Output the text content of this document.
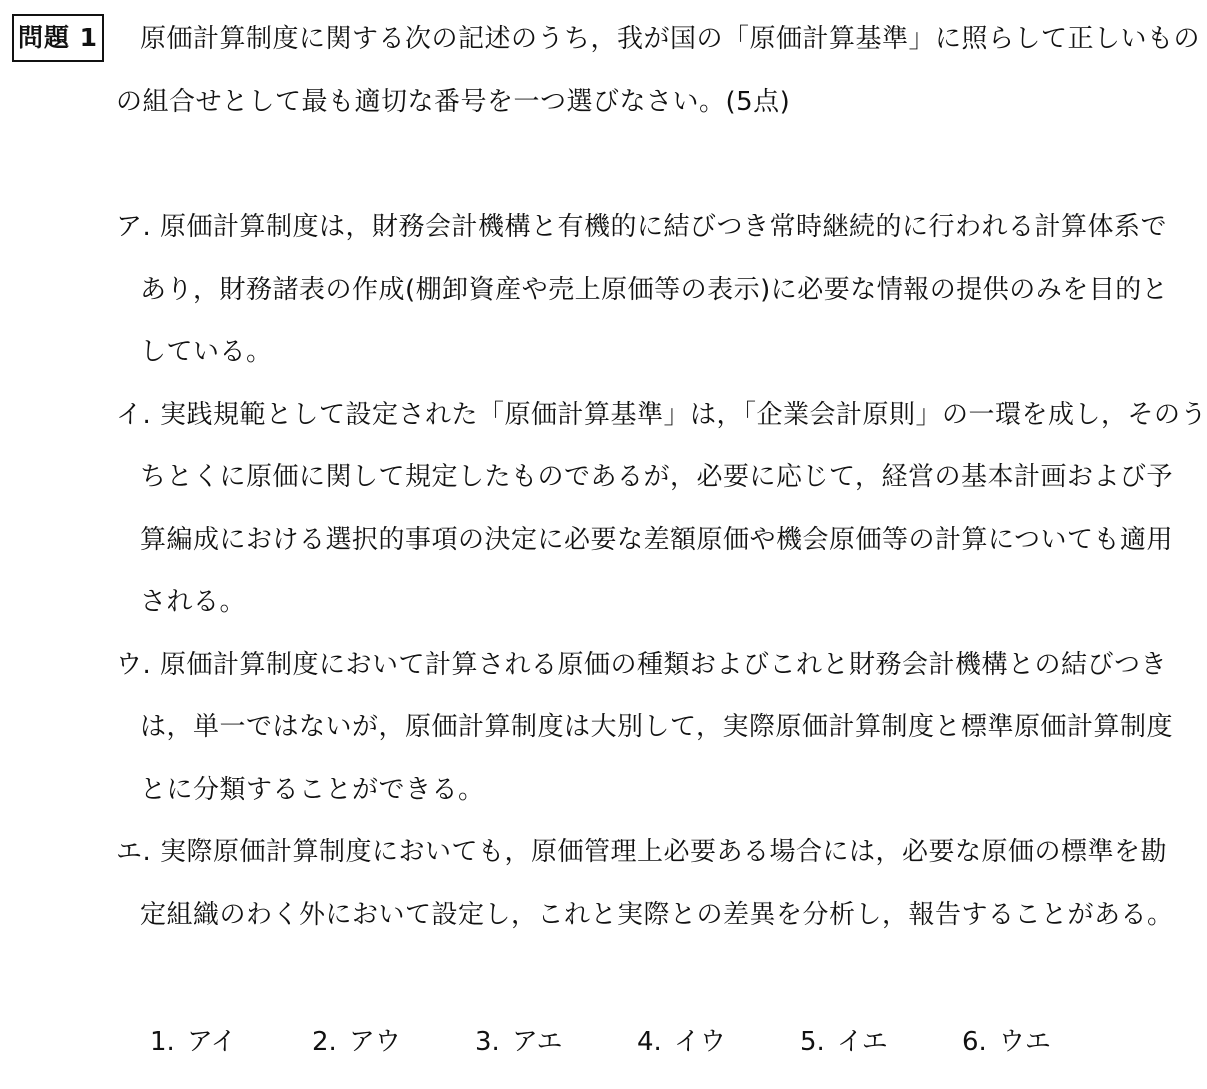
問題 1 原価計算制度に関する次の記述のうち，我が国の「原価計算基準」に照らして正しいもの
の組合せとして最も適切な番号を一つ選びなさい。(5点)
ア. 原価計算制度は，財務会計機構と有機的に結びつき常時継続的に行われる計算体系で
あり，財務諸表の作成(棚卸資産や売上原価等の表示)に必要な情報の提供のみを目的と
している。
イ. 実践規範として設定された「原価計算基準」は，「企業会計原則」の一環を成し，そのう
ちとくに原価に関して規定したものであるが，必要に応じて，経営の基本計画および予
算編成における選択的事項の決定に必要な差額原価や機会原価等の計算についても適用
される。
ウ. 原価計算制度において計算される原価の種類およびこれと財務会計機構との結びつき
は，単一ではないが，原価計算制度は大別して，実際原価計算制度と標準原価計算制度
とに分類することができる。
エ. 実際原価計算制度においても，原価管理上必要ある場合には，必要な原価の標準を勘
定組織のわく外において設定し，これと実際との差異を分析し，報告することがある。
1. アイ	2. アウ	3. アエ	4. イウ	5. イエ	6. ウエ
